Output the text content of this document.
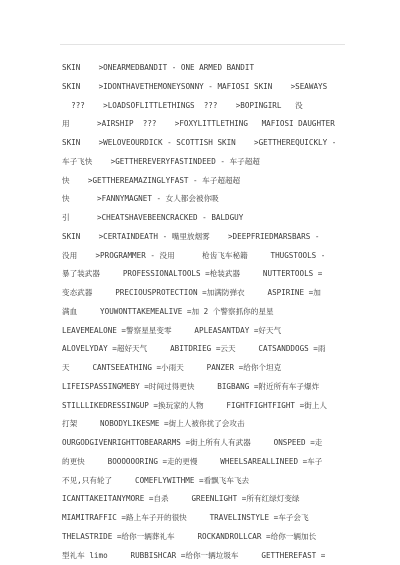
SKIN    >ONEARMEDBANDIT - ONE ARMED BANDIT
SKIN    >IDONTHAVETHEMONEYSONNY - MAFIOSI SKIN    >SEAWAYS
???    >LOADSOFLITTLETHINGS  ???    >BOPINGIRL   没
用      >AIRSHIP  ???    >FOXYLITTLETHING   MAFIOSI DAUGHTER
SKIN    >WELOVEOURDICK - SCOTTISH SKIN    >GETTHEREQUICKLY -
车子飞快    >GETTHEREVERYFASTINDEED - 车子超超
快    >GETTHEREAMAZINGLYFAST - 车子超超超
快      >FANNYMAGNET - 女人都会被你吸
引      >CHEATSHAVEBEENCRACKED - BALDGUY
SKIN    >CERTAINDEATH - 嘴里放烟雾    >DEEPFRIEDMARSBARS -
没用    >PROGRAMMER - 没用      枪齿飞车秘籍     THUGSTOOLS -
暴了装武器     PROFESSIONALTOOLS =枪装武器     NUTTERTOOLS =
变态武器     PRECIOUSPROTECTION =加满防弹衣     ASPIRINE =加
满血     YOUWONTTAKEMEALIVE =加 2 个警察抓你的星星
LEAVEMEALONE =警察星星变零     APLEASANTDAY =好天气
ALOVELYDAY =超好天气     ABITDRIEG =云天     CATSANDDOGS =雨
天     CANTSEEATHING =小雨天     PANZER =给你个坦克
LIFEISPASSINGMEBY =时间过得更快     BIGBANG =附近所有车子爆炸
STILLLIKEDRESSINGUP =换玩家的人物     FIGHTFIGHTFIGHT =街上人
打架     NOBODYLIKESME =街上人被你扰了会攻击
OURGODGIVENRIGHTTOBEARARMS =街上所有人有武器     ONSPEED =走
的更快     BOOOOOORING =走的更慢     WHEELSAREALLINEED =车子
不见,只有轮了     COMEFLYWITHME =看飘飞车飞去
ICANTTAKEITANYMORE =自杀     GREENLIGHT =所有红绿灯变绿
MIAMITRAFFIC =路上车子开的很快     TRAVELINSTYLE =车子会飞
THELASTRIDE =给你一辆葬礼车     ROCKANDROLLCAR =给你一辆加长
型礼车 limo     RUBBISHCAR =给你一辆垃圾车     GETTHEREFAST =
